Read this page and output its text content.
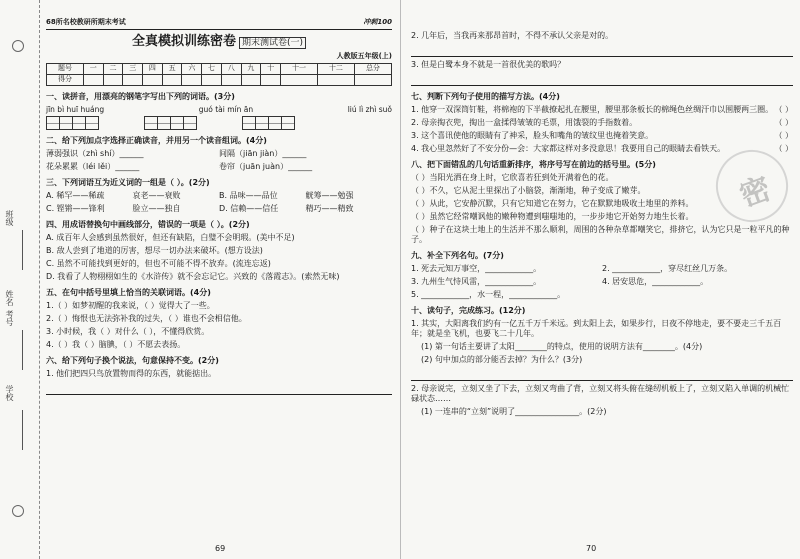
班级
姓名
考号
学校
68所名校教研所期末考试	冲刺100
全真模拟训练密卷 期末测试卷(一)
人教版五年级(上)
题号	一	二	三	四	五	六	七	八	九	十	十一	十二	总分
得分													
一、读拼音，用漂亮的钢笔字写出下列的词语。(3分)
jīn bì huī huáng	guó tài mín ān	liú lì zhì suǒ
二、给下列加点字选择正确读音，并用另一个读音组词。(4分)
薄弱强识（zhì shí）______	间隔（jiān jiàn）______
花朵累累（léi lěi）______	卷帘（juān juàn）______
三、下列词语互为近义词的一组是（ ）。(2分)
A. 稀罕——稀疏	哀老——衰败	B. 品味——品位	觥筹——勉强
C. 铿锵——锋利	脸立——独自	D. 信赖——信任	精巧——精致
四、用成语替换句中画线部分，错误的一项是（ ）。(2分)
A. 成百年人会感到虽然很好，但还有缺陷，白璧不会明瑕。(美中不足)
B. 敌人尝到了地道的厉害，想尽一切办法来破坏。(想方设法)
C. 虽然不可能找到更好的，但也不可能不得不放弃。(流连忘返)
D. 我看了人物栩栩如生的《水浒传》就不会忘记它。兴致的《落霞志》。(索然无味)
五、在句中括号里填上恰当的关联词语。(4分)
1.（ ）如梦初醒的我来说，（ ）觉得大了一些。
2.（ ）悔恨也无法弥补我的过失，（ ）谁也不会相信他。
3. 小时候，我（ ）对什么（ ），不懂得欣赏。
4.（ ）我（ ）脑腆，（ ）不愿去表扬。
六、给下列句子换个说法，句意保持不变。(2分)
1. 他们把四只鸟放置物而得的东西，就能掂出。
69
密
2. 几年后，当我再来那昂首时，不得不承认父亲是对的。
3. 但是白鹭本身不就是一首很优美的歌吗？
七、判断下列句子使用的描写方法。(4分)
1. 他穿一双深筒钉鞋，将棉袍的下半截撩起扎在腰里，腰里那条板长的棉绳色丝绸汗巾以围腰两三圈。 （ ）
2. 母亲掏衣兜，掏出一盒揉得皱皱的毛票，用饿裂的手指数着。	（ ）
3. 这个喜讯使他的眼睛有了神采，脸头和嘴角的皱纹里也掩着笑意。	（ ）
4. 我心里忽然好了不安分份—会：大家都这样对多没意思！我要用自己的眼睛去看铁天。	（ ）
八、把下面错乱的几句话重新排序，将序号写在前边的括号里。(5分)
（ ）当阳光洒在身上时，它欣喜若狂到处开满着色的花。
（ ）不久，它从泥土里探出了小脑袋，渐渐地，种子变成了嫩芽。
（ ）从此，它安静沉默，只有它知道它在努力，它在默默地吸收土地里的养料。
（ ）虽然它经常嘲讽他的嫩种物遭到嗤嗤地的，一步步地它开始努力地生长着。
（ ）种子在这块土地上的生活并不那么顺利，周围的各种杂草都嘲笑它，排挤它，认为它只是一粒平凡的种子。
九、补全下列名句。(7分)
1. 死去元知万事空，____________。	2. ____________，穿尽红丝几万条。
3. 九州生气恃风雷，____________。	4. 居安思危，____________。
5. ____________，水一程，____________。
十、读句子，完成练习。(12分)
1. 其实，大阳离我们约有一亿五千万千米远。到太阳上去，如果步行，日夜不停地走，要不要走三千五百年；就是坐飞机，也要飞二十几年。
(1) 第一句话主要讲了太阳________的特点，使用的说明方法有________。(4分)
(2) 句中加点的部分能否去掉？为什么？(3分)
2. 母亲说完，立刻又坐了下去，立刻又弯曲了背，立刻又将头俯在缝纫机板上了，立刻又陷入单调的机械忙碌状态……
(1) 一连串的“立刻”说明了________________。(2分)
70
